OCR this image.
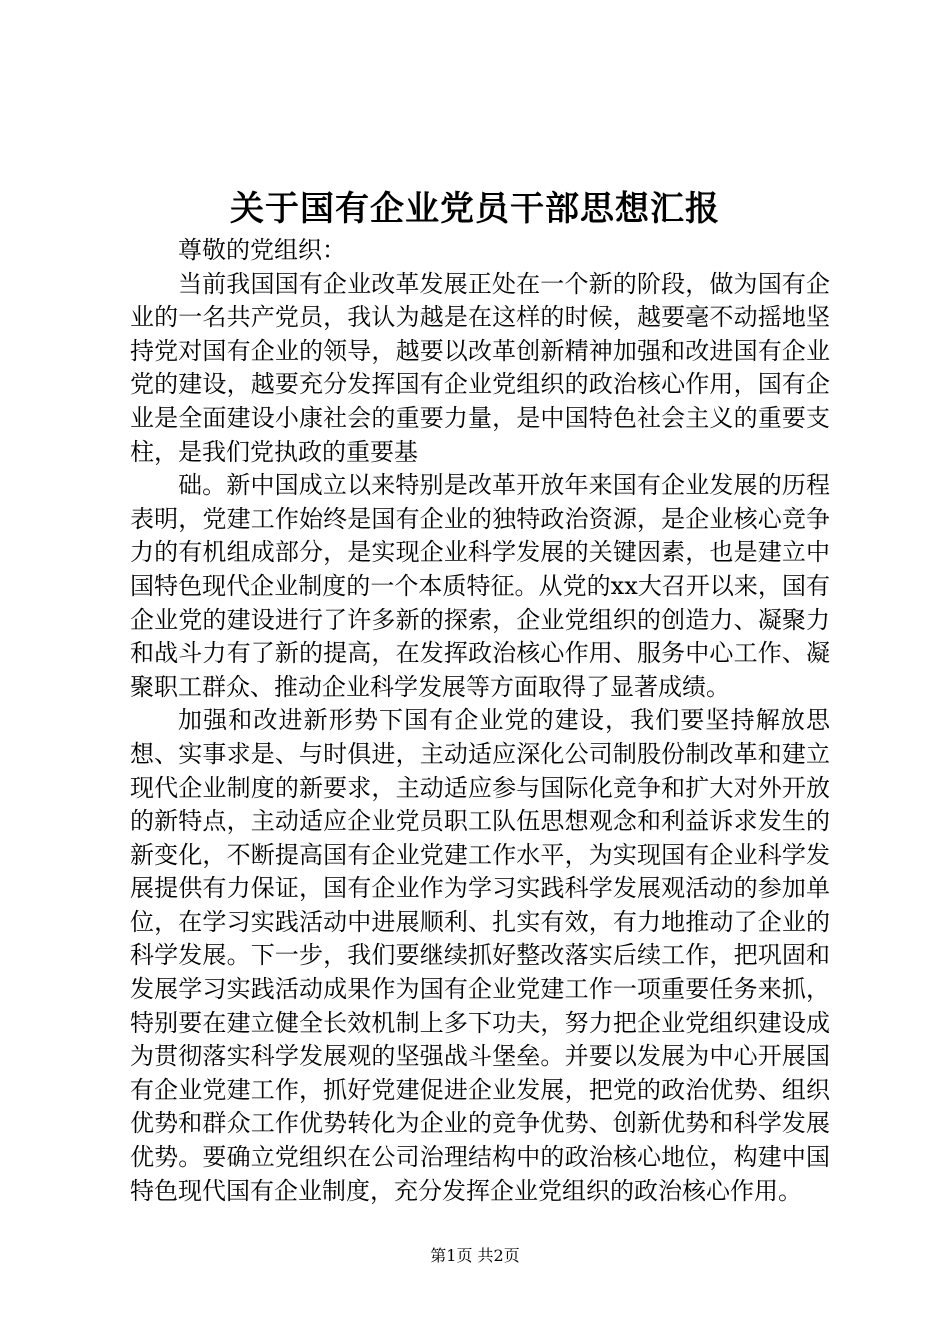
关于国有企业党员干部思想汇报

尊敬的党组织：

当前我国国有企业改革发展正处在一个新的阶段，做为国有企业的一名共产党员，我认为越是在这样的时候，越要毫不动摇地坚持党对国有企业的领导，越要以改革创新精神加强和改进国有企业党的建设，越要充分发挥国有企业党组织的政治核心作用，国有企业是全面建设小康社会的重要力量，是中国特色社会主义的重要支柱，是我们党执政的重要基

础。新中国成立以来特别是改革开放年来国有企业发展的历程表明，党建工作始终是国有企业的独特政治资源，是企业核心竞争力的有机组成部分，是实现企业科学发展的关键因素，也是建立中国特色现代企业制度的一个本质特征。从党的xx大召开以来，国有企业党的建设进行了许多新的探索，企业党组织的创造力、凝聚力和战斗力有了新的提高，在发挥政治核心作用、服务中心工作、凝聚职工群众、推动企业科学发展等方面取得了显著成绩。

加强和改进新形势下国有企业党的建设，我们要坚持解放思想、实事求是、与时俱进，主动适应深化公司制股份制改革和建立现代企业制度的新要求，主动适应参与国际化竞争和扩大对外开放的新特点，主动适应企业党员职工队伍思想观念和利益诉求发生的新变化，不断提高国有企业党建工作水平，为实现国有企业科学发展提供有力保证，国有企业作为学习实践科学发展观活动的参加单位，在学习实践活动中进展顺利、扎实有效，有力地推动了企业的科学发展。下一步，我们要继续抓好整改落实后续工作，把巩固和发展学习实践活动成果作为国有企业党建工作一项重要任务来抓，特别要在建立健全长效机制上多下功夫，努力把企业党组织建设成为贯彻落实科学发展观的坚强战斗堡垒。并要以发展为中心开展国有企业党建工作，抓好党建促进企业发展，把党的政治优势、组织优势和群众工作优势转化为企业的竞争优势、创新优势和科学发展优势。要确立党组织在公司治理结构中的政治核心地位，构建中国特色现代国有企业制度，充分发挥企业党组织的政治核心作用。

第1页 共2页
